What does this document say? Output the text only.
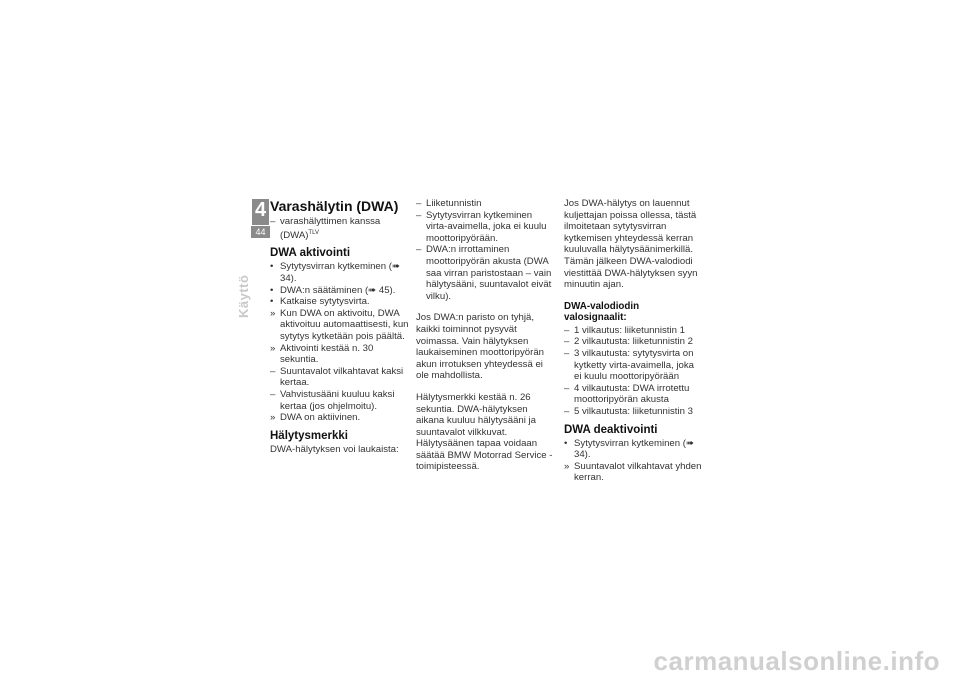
4
44
Käyttö
Varashälytin (DWA)

– varashälyttimen kanssa (DWA)$^{TLV}$

DWA aktivointi

• Sytytysvirran kytkeminen (➠ 34).

• DWA:n säätäminen (➠ 45).

• Katkaise sytytysvirta.

» Kun DWA on aktivoitu, DWA aktivoituu automaattisesti, kun sytytys kytketään pois päältä.

» Aktivointi kestää n. 30 sekuntia.

– Suuntavalot vilkahtavat kaksi kertaa.

– Vahvistusääni kuuluu kaksi kertaa (jos ohjelmoitu).

» DWA on aktiivinen.

Hälytysmerkki

DWA-hälytyksen voi laukaista:

– Liiketunnistin

– Sytytysvirran kytkeminen virta-avaimella, joka ei kuulu moottoripyörään.

– DWA:n irrottaminen moottoripyörän akusta (DWA saa virran paristostaan – vain hälytysääni, suuntavalot eivät vilku).

Jos DWA:n paristo on tyhjä, kaikki toiminnot pysyvät voimassa. Vain hälytyksen laukaiseminen moottoripyörän akun irrotuksen yhteydessä ei ole mahdollista.

Hälytysmerkki kestää n. 26 sekuntia. DWA-hälytyksen aikana kuuluu hälytysääni ja suuntavalot vilkkuvat. Hälytysäänen tapaa voidaan säätää BMW Motorrad Service -toimipisteessä.

Jos DWA-hälytys on lauennut kuljettajan poissa ollessa, tästä ilmoitetaan sytytysvirran kytkemisen yhteydessä kerran kuuluvalla hälytysäänimerkillä. Tämän jälkeen DWA-valodiodi viestittää DWA-hälytyksen syyn minuutin ajan.

DWA-valodiodin valosignaalit:

– 1 vilkautus: liiketunnistin 1

– 2 vilkautusta: liiketunnistin 2

– 3 vilkautusta: sytytysvirta on kytketty virta-avaimella, joka ei kuulu moottoripyörään

– 4 vilkautusta: DWA irrotettu moottoripyörän akusta

– 5 vilkautusta: liiketunnistin 3

DWA deaktivointi

• Sytytysvirran kytkeminen (➠ 34).

» Suuntavalot vilkahtavat yhden kerran.

carmanualsonline.info
